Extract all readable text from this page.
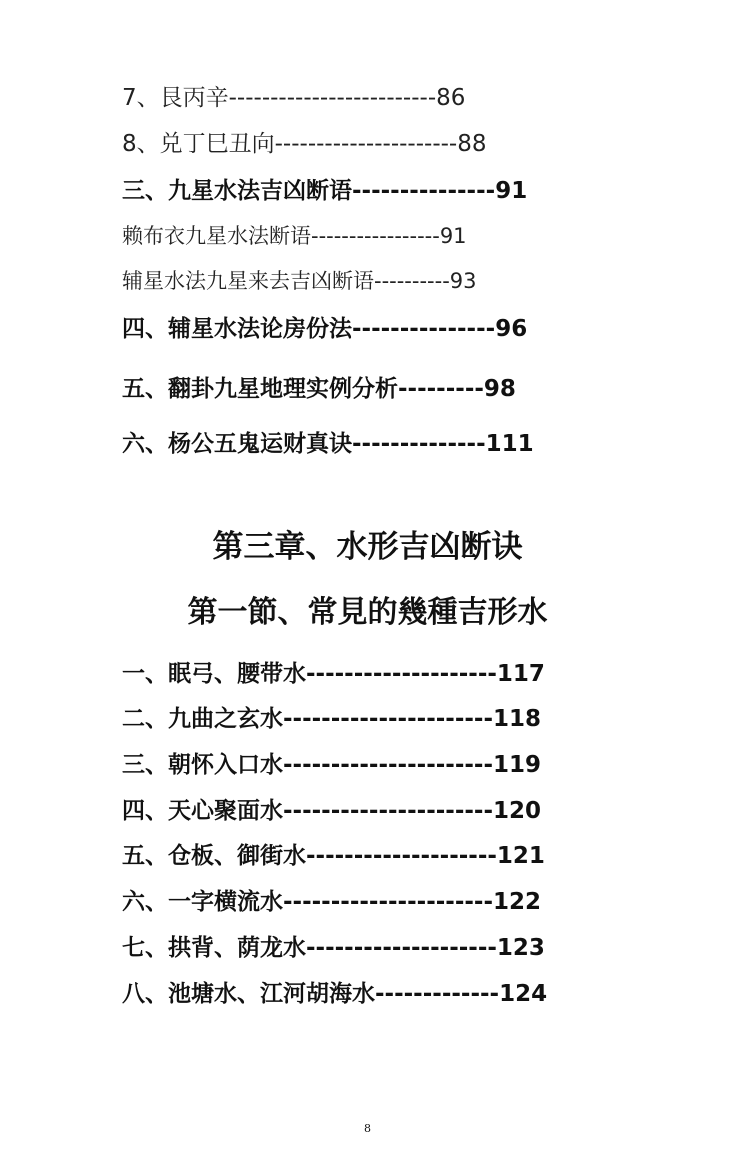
7、艮丙辛-------------------------86
8、兑丁巳丑向----------------------88
三、九星水法吉凶断语---------------91
赖布衣九星水法断语-----------------91
辅星水法九星来去吉凶断语----------93
四、辅星水法论房份法---------------96
五、翻卦九星地理实例分析---------98
六、杨公五鬼运财真诀--------------111
第三章、水形吉凶断诀
第一節、常見的幾種吉形水
一、眠弓、腰带水--------------------117
二、九曲之玄水----------------------118
三、朝怀入口水----------------------119
四、天心聚面水----------------------120
五、仓板、御街水--------------------121
六、一字横流水----------------------122
七、拱背、荫龙水--------------------123
八、池塘水、江河胡海水-------------124
8
